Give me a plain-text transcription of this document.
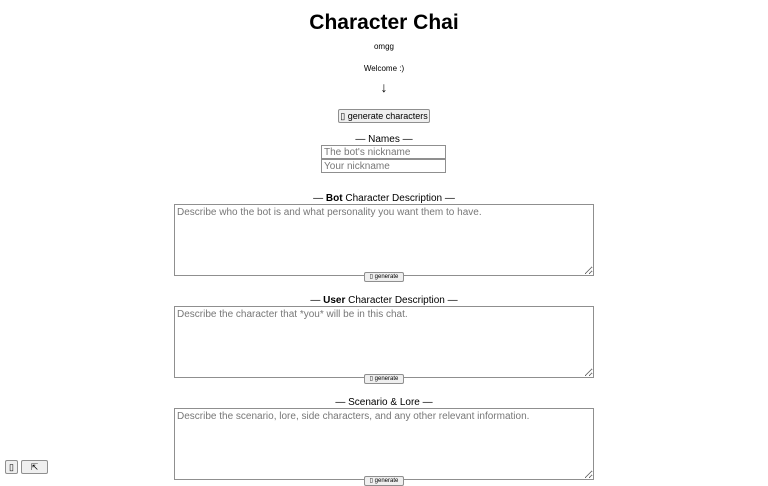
Character Chai
omgg
Welcome :)
↓
▯ generate characters
— Names —
The bot's nickname
Your nickname
— Bot Character Description —
Describe who the bot is and what personality you want them to have.
▯ generate
— User Character Description —
Describe the character that *you* will be in this chat.
▯ generate
— Scenario & Lore —
Describe the scenario, lore, side characters, and any other relevant information.
▯ generate
▯	⇱
